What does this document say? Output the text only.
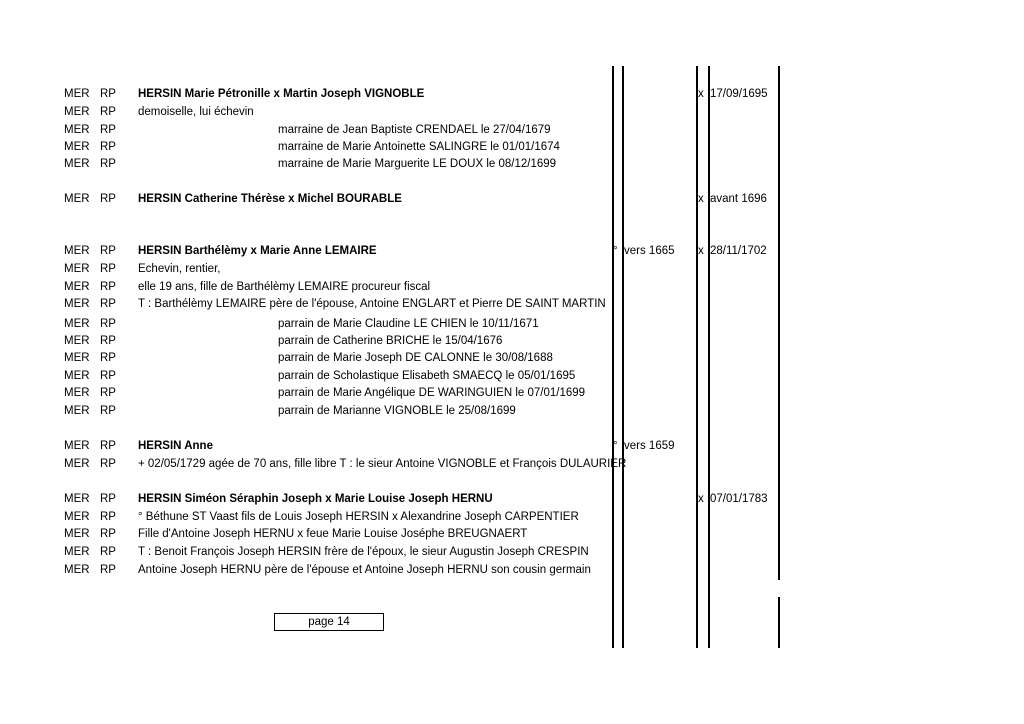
MER RP HERSIN Marie Pétronille x Martin Joseph VIGNOBLE	x 17/09/1695
MER RP demoiselle, lui échevin
MER RP	marraine de Jean Baptiste CRENDAEL le 27/04/1679
MER RP	marraine de Marie Antoinette SALINGRE le 01/01/1674
MER RP	marraine de Marie Marguerite LE DOUX le 08/12/1699
MER RP HERSIN Catherine Thérèse x Michel BOURABLE	x avant 1696
MER RP HERSIN Barthélèmy x Marie Anne LEMAIRE	° vers 1665 x 28/11/1702
MER RP Echevin, rentier,
MER RP elle 19 ans, fille de Barthélèmy LEMAIRE procureur fiscal
MER RP T : Barthélèmy LEMAIRE père de l'épouse, Antoine ENGLART et Pierre DE SAINT MARTIN
MER RP	parrain de Marie Claudine LE CHIEN le 10/11/1671
MER RP	parrain de Catherine BRICHE le 15/04/1676
MER RP	parrain de Marie Joseph DE CALONNE le 30/08/1688
MER RP	parrain de Scholastique Elisabeth SMAECQ le 05/01/1695
MER RP	parrain de Marie Angélique DE WARINGUIEN le 07/01/1699
MER RP	parrain de Marianne VIGNOBLE le 25/08/1699
MER RP HERSIN Anne	° vers 1659
MER RP + 02/05/1729 agée de 70 ans, fille libre T : le sieur Antoine VIGNOBLE et François DULAURIER
MER RP HERSIN Siméon Séraphin Joseph x Marie Louise Joseph HERNU	x 07/01/1783
MER RP ° Béthune ST Vaast fils de Louis Joseph HERSIN x Alexandrine Joseph CARPENTIER
MER RP Fille d'Antoine Joseph HERNU x feue Marie Louise Joséphe BREUGNAERT
MER RP T : Benoit François Joseph HERSIN frère de l'époux, le sieur Augustin Joseph CRESPIN
MER RP Antoine Joseph HERNU père de l'épouse et Antoine Joseph HERNU son cousin germain
page 14
